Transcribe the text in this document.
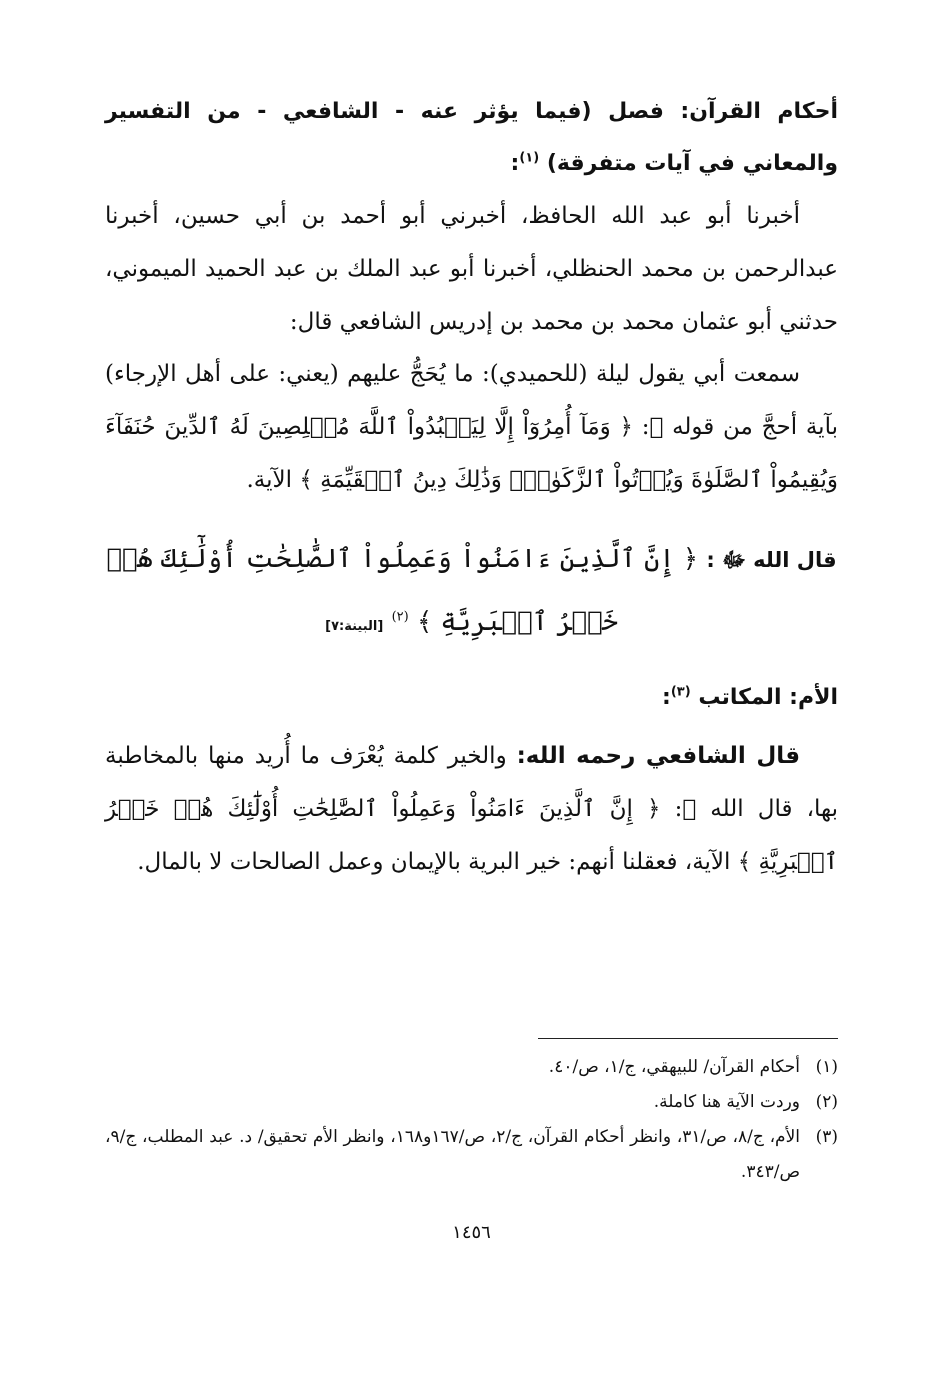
أحكام القرآن: فصل (فيما يؤثر عنه - الشافعي - من التفسير والمعاني في آيات متفرقة) $^{(١)}$:
أخبرنا أبو عبد الله الحافظ، أخبرني أبو أحمد بن أبي حسين، أخبرنا عبدالرحمن بن محمد الحنظلي، أخبرنا أبو عبد الملك بن عبد الحميد الميموني، حدثني أبو عثمان محمد بن محمد بن إدريس الشافعي قال:
سمعت أبي يقول ليلة (للحميدي): ما يُحَجُّ عليهم (يعني: على أهل الإرجاء) بآية أحجَّ من قوله ﷻ: ﴿ وَمَآ أُمِرُوٓاْ إِلَّا لِيَعۡبُدُواْ ٱللَّهَ مُخۡلِصِينَ لَهُ ٱلدِّينَ حُنَفَآءَ وَيُقِيمُواْ ٱلصَّلَوٰةَ وَيُؤۡتُواْ ٱلزَّكَوٰةَۚ وَذَٰلِكَ دِينُ ٱلۡقَيِّمَةِ ﴾ الآية.
قال الله ﷻ : ﴿ إِنَّ ٱلَّذِينَ ءَامَنُواْ وَعَمِلُواْ ٱلصَّٰلِحَٰتِ أُوْلَٰٓئِكَ هُمۡ خَيۡرُ ٱلۡبَرِيَّةِ ﴾ $^{(٢)}$ [البينة:٧]
الأم: المكاتب $^{(٣)}$:
قال الشافعي رحمه الله: والخير كلمة يُعْرَف ما أُريد منها بالمخاطبة بها، قال الله ﷻ: ﴿ إِنَّ ٱلَّذِينَ ءَامَنُواْ وَعَمِلُواْ ٱلصَّٰلِحَٰتِ أُوْلَٰٓئِكَ هُمۡ خَيۡرُ ٱلۡبَرِيَّةِ ﴾ الآية، فعقلنا أنهم: خير البرية بالإيمان وعمل الصالحات لا بالمال.
(١)
أحكام القرآن/ للبيهقي، ج/١، ص/٤٠.
(٢)
وردت الآية هنا كاملة.
(٣)
الأم، ج/٨، ص/٣١، وانظر أحكام القرآن، ج/٢، ص/١٦٧و١٦٨، وانظر الأم تحقيق/ د. عبد المطلب، ج/٩، ص/٣٤٣.
١٤٥٦
